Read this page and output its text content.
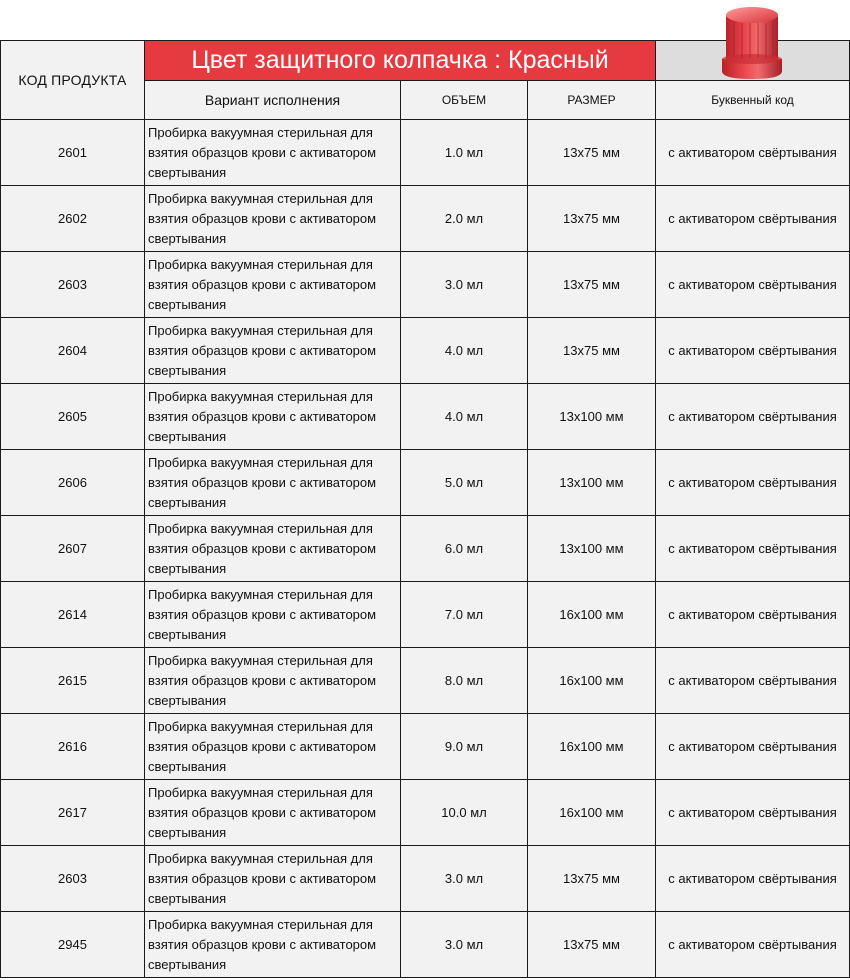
КОД ПРОДУКТА	Цвет защитного колпачка : Красный	

	Вариант исполнения	ОБЪЕМ	РАЗМЕР	Буквенный код
2601	Пробирка вакуумная стерильная для взятия образцов крови с активатором свертывания	1.0 мл	13х75 мм	с активатором свёртывания
2602	Пробирка вакуумная стерильная для взятия образцов крови с активатором свертывания	2.0 мл	13х75 мм	с активатором свёртывания
2603	Пробирка вакуумная стерильная для взятия образцов крови с активатором свертывания	3.0 мл	13х75 мм	с активатором свёртывания
2604	Пробирка вакуумная стерильная для взятия образцов крови с активатором свертывания	4.0 мл	13х75 мм	с активатором свёртывания
2605	Пробирка вакуумная стерильная для взятия образцов крови с активатором свертывания	4.0 мл	13х100 мм	с активатором свёртывания
2606	Пробирка вакуумная стерильная для взятия образцов крови с активатором свертывания	5.0 мл	13х100 мм	с активатором свёртывания
2607	Пробирка вакуумная стерильная для взятия образцов крови с активатором свертывания	6.0 мл	13х100 мм	с активатором свёртывания
2614	Пробирка вакуумная стерильная для взятия образцов крови с активатором свертывания	7.0 мл	16х100 мм	с активатором свёртывания
2615	Пробирка вакуумная стерильная для взятия образцов крови с активатором свертывания	8.0 мл	16х100 мм	с активатором свёртывания
2616	Пробирка вакуумная стерильная для взятия образцов крови с активатором свертывания	9.0 мл	16х100 мм	с активатором свёртывания
2617	Пробирка вакуумная стерильная для взятия образцов крови с активатором свертывания	10.0 мл	16х100 мм	с активатором свёртывания
2603	Пробирка вакуумная стерильная для взятия образцов крови с активатором свертывания	3.0 мл	13х75 мм	с активатором свёртывания
2945	Пробирка вакуумная стерильная для взятия образцов крови с активатором свертывания	3.0 мл	13х75 мм	с активатором свёртывания
